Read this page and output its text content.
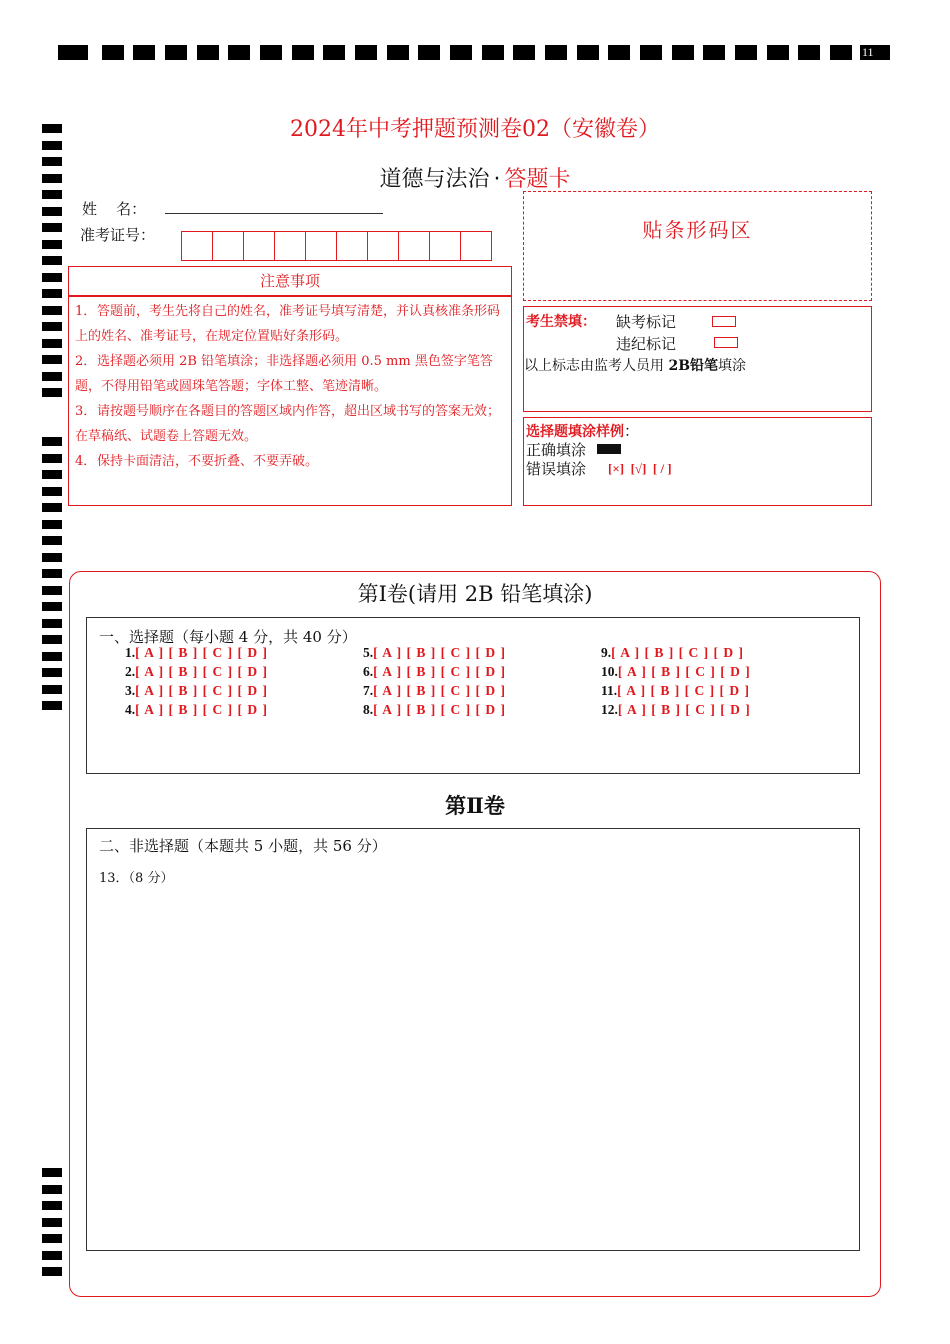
11
2024年中考押题预测卷02（安徽卷）
道德与法治 · 答题卡
姓    名：
准考证号：
注意事项
1．答题前，考生先将自己的姓名，准考证号填写清楚，并认真核准条形码上的姓名、准考证号，在规定位置贴好条形码。
2．选择题必须用 2B 铅笔填涂；非选择题必须用 0.5 mm 黑色签字笔答题，不得用铅笔或圆珠笔答题；字体工整、笔迹清晰。
3．请按题号顺序在各题目的答题区域内作答，超出区域书写的答案无效；在草稿纸、试题卷上答题无效。
4．保持卡面清洁，不要折叠、不要弄破。
贴条形码区
考生禁填： 缺考标记
违纪标记
以上标志由监考人员用 2B铅笔填涂
选择题填涂样例：
正确填涂
错误填涂 [×]  [√]  [ / ]
第Ⅰ卷(请用 2B 铅笔填涂)
一、选择题（每小题 4 分，共 40 分）
1.[ A ] [ B ] [ C ] [ D ]
2.[ A ] [ B ] [ C ] [ D ]
3.[ A ] [ B ] [ C ] [ D ]
4.[ A ] [ B ] [ C ] [ D ]
5.[ A ] [ B ] [ C ] [ D ]
6.[ A ] [ B ] [ C ] [ D ]
7.[ A ] [ B ] [ C ] [ D ]
8.[ A ] [ B ] [ C ] [ D ]
9.[ A ] [ B ] [ C ] [ D ]
10.[ A ] [ B ] [ C ] [ D ]
11.[ A ] [ B ] [ C ] [ D ]
12.[ A ] [ B ] [ C ] [ D ]
第Ⅱ卷
二、非选择题（本题共 5 小题，共 56 分）
13．（8 分）
